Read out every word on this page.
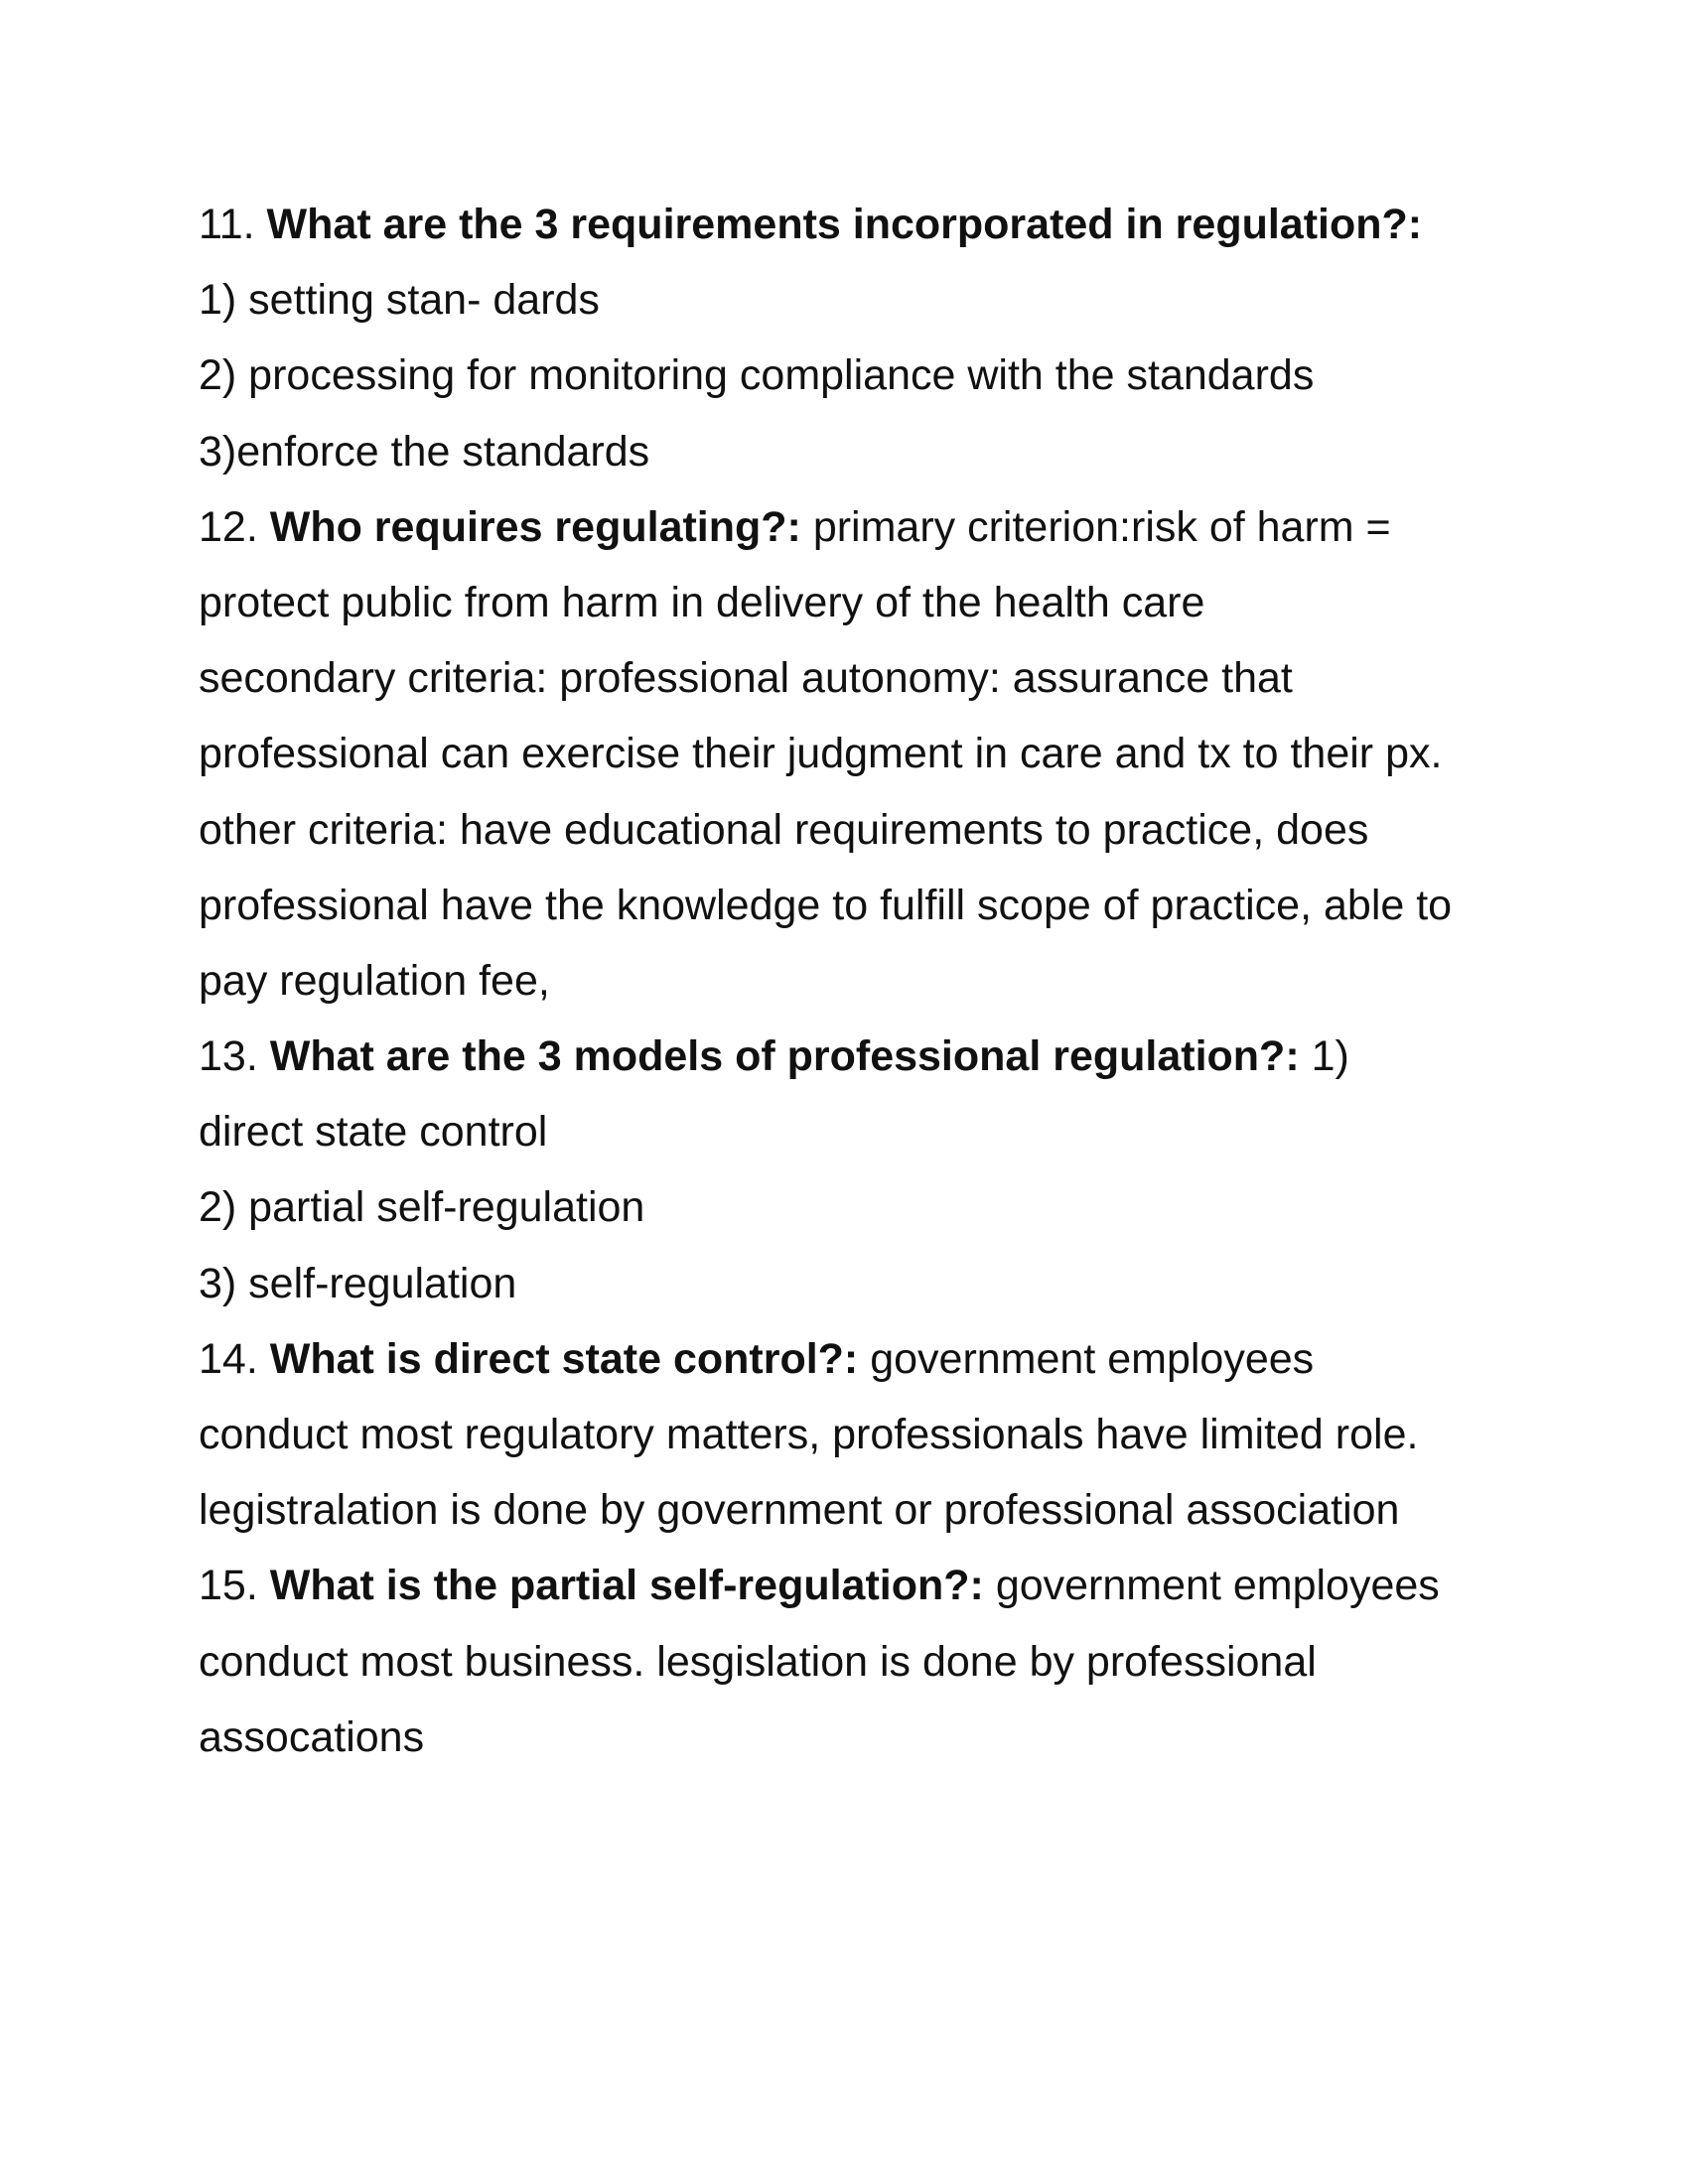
11. What are the 3 requirements incorporated in regulation?:
1) setting stan- dards
2) processing for monitoring compliance with the standards
3)enforce the standards
12. Who requires regulating?: primary criterion:risk of harm =
protect public from harm in delivery of the health care
secondary criteria: professional autonomy: assurance that
professional can exercise their judgment in care and tx to their px.
other criteria: have educational requirements to practice, does
professional have the knowledge to fulfill scope of practice, able to
pay regulation fee,
13. What are the 3 models of professional regulation?: 1)
direct state control
2) partial self-regulation
3) self-regulation
14. What is direct state control?: government employees
conduct most regulatory matters, professionals have limited role.
legistralation is done by government or professional association
15. What is the partial self-regulation?: government employees
conduct most business. lesgislation is done by professional
assocations
